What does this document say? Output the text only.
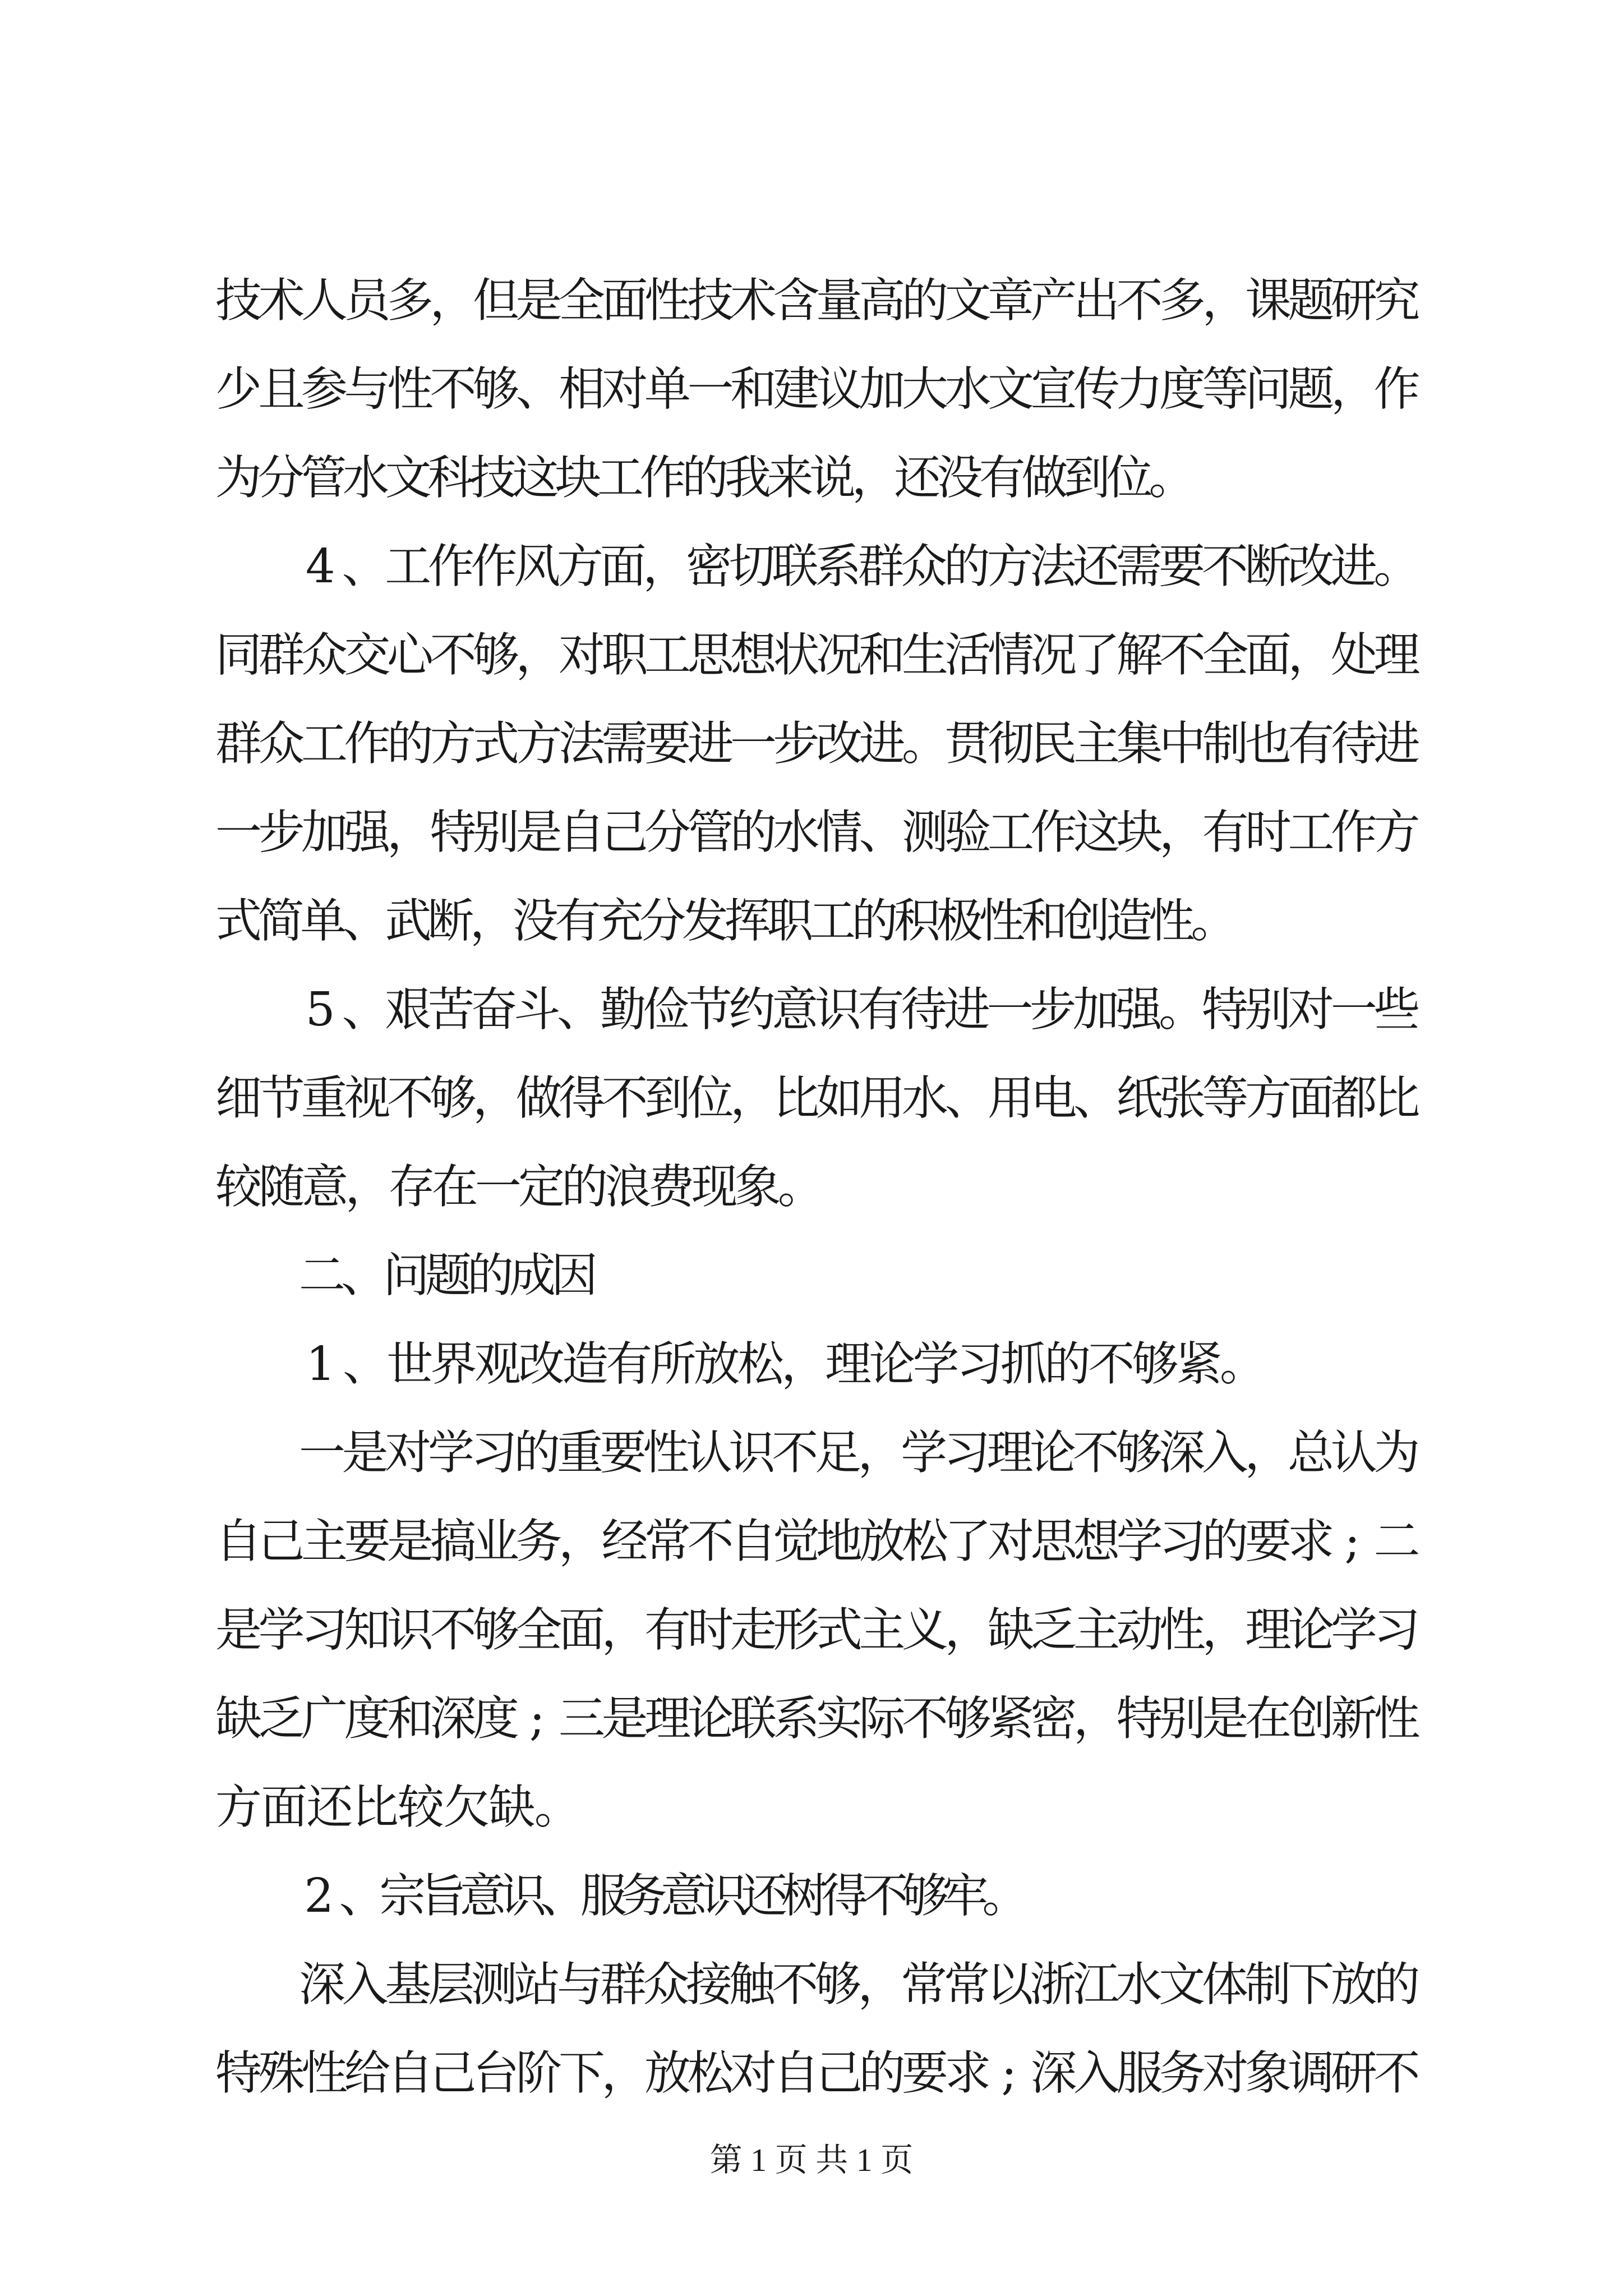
技
术
人
员
多
，
但
是
全
面
性
技
术
含
量
高
的
文
章
产
出
不
多
，
课
题
研
究
少
且
参
与
性
不
够
、
相
对
单
一
和
建
议
加
大
水
文
宣
传
力
度
等
问
题
，
作
为
分
管
水
文
科
技
这
块
工
作
的
我
来
说
，
还
没
有
做
到
位
。
4 、
工
作
作
风
方
面
，
密
切
联
系
群
众
的
方
法
还
需
要
不
断
改
进
。
同
群
众
交
心
不
够
，
对
职
工
思
想
状
况
和
生
活
情
况
了
解
不
全
面
，
处
理
群
众
工
作
的
方
式
方
法
需
要
进
一
步
改
进
。
贯
彻
民
主
集
中
制
也
有
待
进
一
步
加
强
，
特
别
是
自
己
分
管
的
水
情
、
测
验
工
作
这
块
，
有
时
工
作
方
式
简
单
、
武
断
，
没
有
充
分
发
挥
职
工
的
积
极
性
和
创
造
性
。
5 、
艰
苦
奋
斗
、
勤
俭
节
约
意
识
有
待
进
一
步
加
强
。
特
别
对
一
些
细
节
重
视
不
够
，
做
得
不
到
位
，
比
如
用
水
、
用
电
、
纸
张
等
方
面
都
比
较
随
意
，
存
在
一
定
的
浪
费
现
象
。
二
、
问
题
的
成
因
1 、
世
界
观
改
造
有
所
放
松
，
理
论
学
习
抓
的
不
够
紧
。
一
是
对
学
习
的
重
要
性
认
识
不
足
，
学
习
理
论
不
够
深
入
，
总
认
为
自
己
主
要
是
搞
业
务
，
经
常
不
自
觉
地
放
松
了
对
思
想
学
习
的
要
求 ; 二
是
学
习
知
识
不
够
全
面
，
有
时
走
形
式
主
义
，
缺
乏
主
动
性
，
理
论
学
习
缺
乏
广
度
和
深
度 ; 三
是
理
论
联
系
实
际
不
够
紧
密
，
特
别
是
在
创
新
性
方
面
还
比
较
欠
缺
。
2 、
宗
旨
意
识
、
服
务
意
识
还
树
得
不
够
牢
。
深
入
基
层
测
站
与
群
众
接
触
不
够
，
常
常
以
浙
江
水
文
体
制
下
放
的
特
殊
性
给
自
己
台
阶
下
，
放
松
对
自
己
的
要
求 ; 深
入
服
务
对
象
调
研
不
第 1 页 共 1 页
